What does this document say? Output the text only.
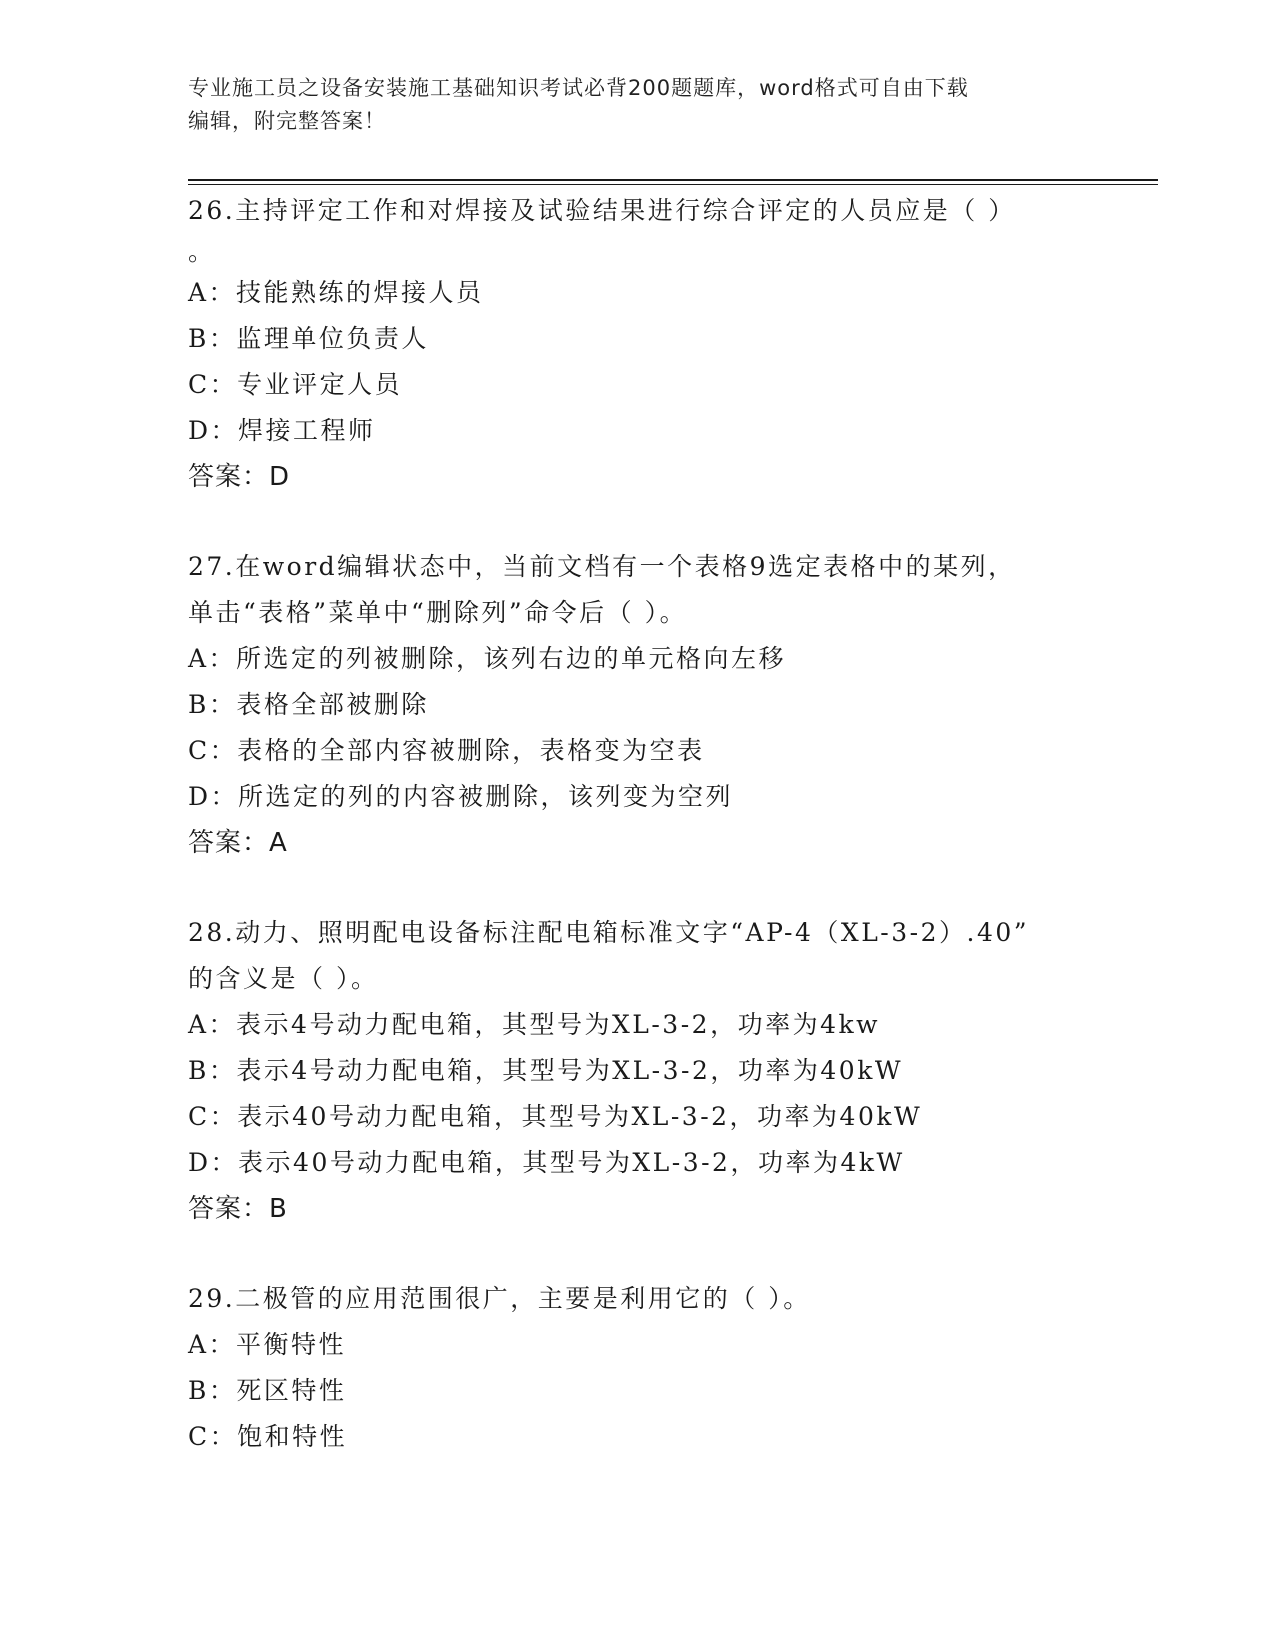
专业施工员之设备安装施工基础知识考试必背200题题库，word格式可自由下载
编辑，附完整答案！
26.主持评定工作和对焊接及试验结果进行综合评定的人员应是（ ）
。
A：技能熟练的焊接人员
B：监理单位负责人
C：专业评定人员
D：焊接工程师
答案：D
27.在word编辑状态中，当前文档有一个表格9选定表格中的某列，
单击“表格”菜单中“删除列”命令后（ ）。
A：所选定的列被删除，该列右边的单元格向左移
B：表格全部被删除
C：表格的全部内容被删除，表格变为空表
D：所选定的列的内容被删除，该列变为空列
答案：A
28.动力、照明配电设备标注配电箱标准文字“AP-4（XL-3-2）.40”
的含义是（ ）。
A：表示4号动力配电箱，其型号为XL-3-2，功率为4kw
B：表示4号动力配电箱，其型号为XL-3-2，功率为40kW
C：表示40号动力配电箱，其型号为XL-3-2，功率为40kW
D：表示40号动力配电箱，其型号为XL-3-2，功率为4kW
答案：B
29.二极管的应用范围很广，主要是利用它的（ ）。
A：平衡特性
B：死区特性
C：饱和特性
